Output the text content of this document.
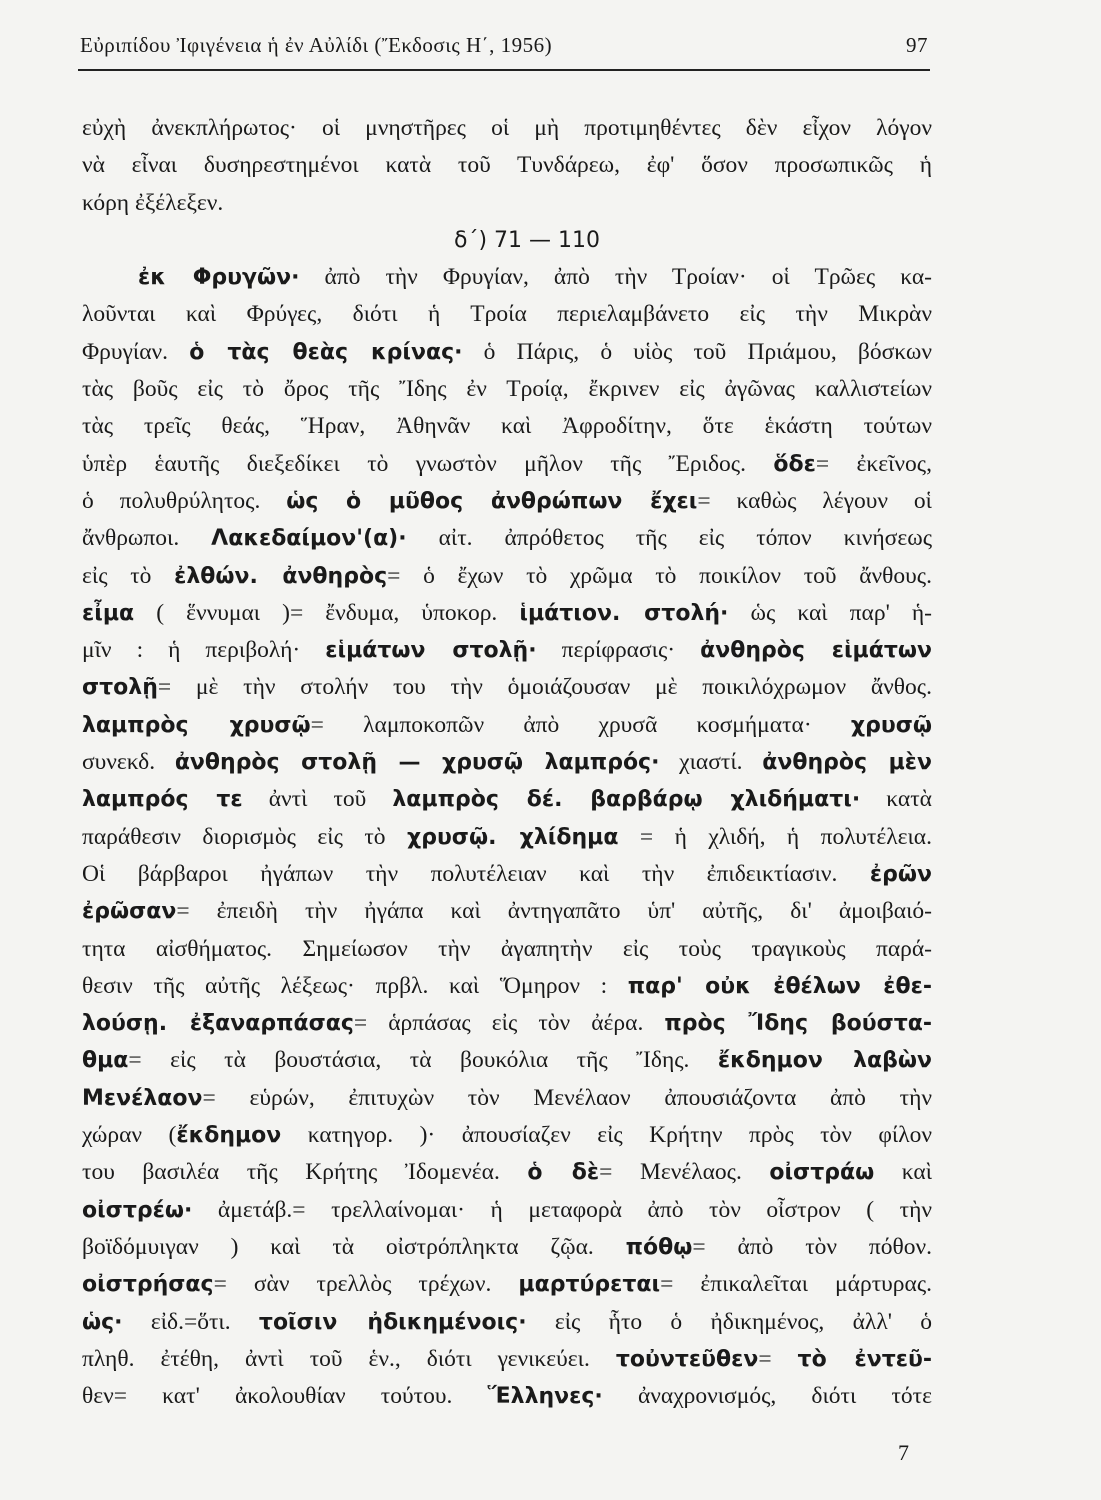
Εὐριπίδου Ἰφιγένεια ἡ ἐν Αὐλίδι (Ἔκδοσις Η΄, 1956)	97
εὐχὴ ἀνεκπλήρωτος· οἱ μνηστῆρες οἱ μὴ προτιμηθέντες δὲν εἶχον λόγον
νὰ εἶναι δυσηρεστημένοι κατὰ τοῦ Τυνδάρεω, ἐφ' ὅσον προσωπικῶς ἡ
κόρη ἐξέλεξεν.
δ΄) 71 — 110
ἐκ Φρυγῶν· ἀπὸ τὴν Φρυγίαν, ἀπὸ τὴν Τροίαν· οἱ Τρῶες κα-
λοῦνται καὶ Φρύγες, διότι ἡ Τροία περιελαμβάνετο εἰς τὴν Μικρὰν
Φρυγίαν. ὁ τὰς θεὰς κρίνας· ὁ Πάρις, ὁ υἱὸς τοῦ Πριάμου, βόσκων
τὰς βοῦς εἰς τὸ ὄρος τῆς Ἴδης ἐν Τροίᾳ, ἔκρινεν εἰς ἀγῶνας καλλιστείων
τὰς τρεῖς θεάς, Ἥραν, Ἀθηνᾶν καὶ Ἀφροδίτην, ὅτε ἑκάστη τούτων
ὑπὲρ ἑαυτῆς διεξεδίκει τὸ γνωστὸν μῆλον τῆς Ἔριδος. ὅδε= ἐκεῖνος,
ὁ πολυθρύλητος. ὡς ὁ μῦθος ἀνθρώπων ἔχει= καθὼς λέγουν οἱ
ἄνθρωποι. Λακεδαίμον'(α)· αἰτ. ἀπρόθετος τῆς εἰς τόπον κινήσεως
εἰς τὸ ἐλθών. ἀνθηρὸς= ὁ ἔχων τὸ χρῶμα τὸ ποικίλον τοῦ ἄνθους.
εἶμα ( ἕννυμαι )= ἔνδυμα, ὑποκορ. ἱμάτιον. στολή· ὡς καὶ παρ' ἡ-
μῖν : ἡ περιβολή· εἱμάτων στολῇ· περίφρασις· ἀνθηρὸς εἱμάτων
στολῇ= μὲ τὴν στολήν του τὴν ὁμοιάζουσαν μὲ ποικιλόχρωμον ἄνθος.
λαμπρὸς χρυσῷ= λαμποκοπῶν ἀπὸ χρυσᾶ κοσμήματα· χρυσῷ
συνεκδ. ἀνθηρὸς στολῇ — χρυσῷ λαμπρός· χιαστί. ἀνθηρὸς μὲν
λαμπρός τε ἀντὶ τοῦ λαμπρὸς δέ. βαρβάρῳ χλιδήματι· κατὰ
παράθεσιν διορισμὸς εἰς τὸ χρυσῷ. χλίδημα = ἡ χλιδή, ἡ πολυτέλεια.
Οἱ βάρβαροι ἠγάπων τὴν πολυτέλειαν καὶ τὴν ἐπιδεικτίασιν. ἐρῶν
ἐρῶσαν= ἐπειδὴ τὴν ἠγάπα καὶ ἀντηγαπᾶτο ὑπ' αὐτῆς, δι' ἀμοιβαιό-
τητα αἰσθήματος. Σημείωσον τὴν ἀγαπητὴν εἰς τοὺς τραγικοὺς παρά-
θεσιν τῆς αὐτῆς λέξεως· πρβλ. καὶ Ὅμηρον : παρ' οὐκ ἐθέλων ἐθε-
λούσῃ. ἐξαναρπάσας= ἁρπάσας εἰς τὸν ἀέρα. πρὸς Ἴδης βούστα-
θμα= εἰς τὰ βουστάσια, τὰ βουκόλια τῆς Ἴδης. ἔκδημον λαβὼν
Μενέλαον= εὑρών, ἐπιτυχὼν τὸν Μενέλαον ἀπουσιάζοντα ἀπὸ τὴν
χώραν (ἔκδημον κατηγορ. )· ἀπουσίαζεν εἰς Κρήτην πρὸς τὸν φίλον
του βασιλέα τῆς Κρήτης Ἰδομενέα. ὁ δὲ= Μενέλαος. οἰστράω καὶ
οἰστρέω· ἀμετάβ.= τρελλαίνομαι· ἡ μεταφορὰ ἀπὸ τὸν οἶστρον ( τὴν
βοϊδόμυιγαν ) καὶ τὰ οἰστρόπληκτα ζῷα. πόθῳ= ἀπὸ τὸν πόθον.
οἰστρήσας= σὰν τρελλὸς τρέχων. μαρτύρεται= ἐπικαλεῖται μάρτυρας.
ὡς· εἰδ.=ὅτι. τοῖσιν ἠδικημένοις· εἰς ἧτο ὁ ἠδικημένος, ἀλλ' ὁ
πληθ. ἐτέθη, ἀντὶ τοῦ ἑν., διότι γενικεύει. τοὐντεῦθεν= τὸ ἐντεῦ-
θεν= κατ' ἀκολουθίαν τούτου. Ἕλληνες· ἀναχρονισμός, διότι τότε
7
